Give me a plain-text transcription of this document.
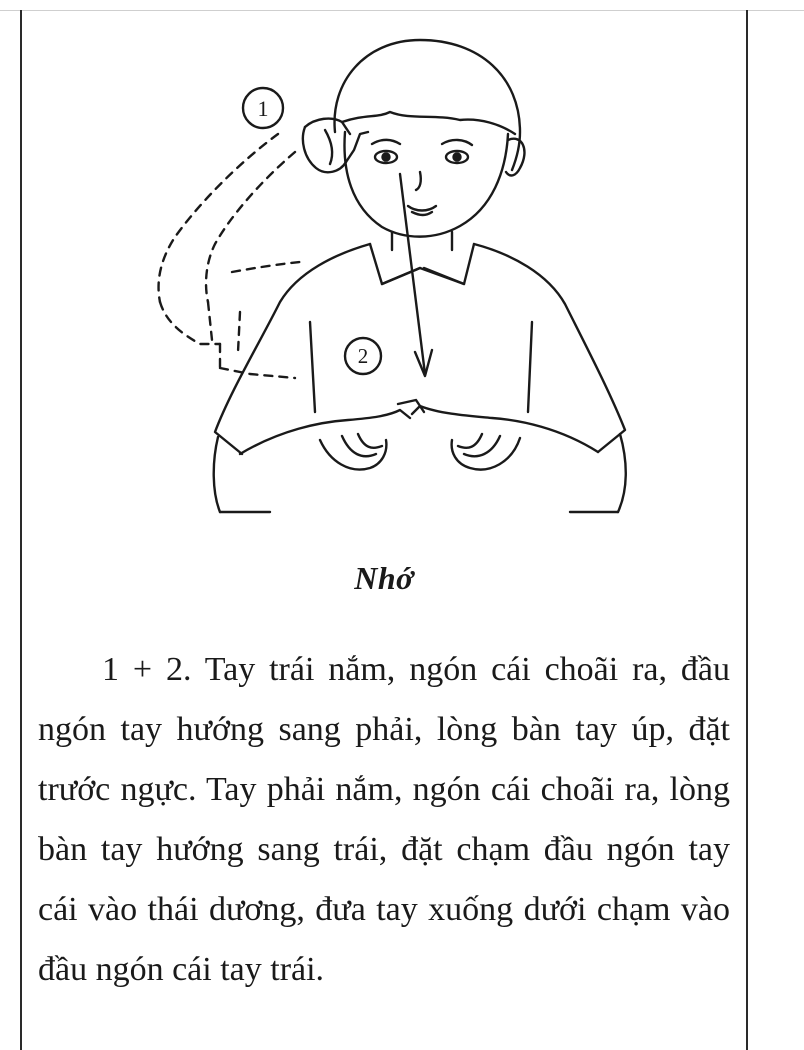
1
2
Nhớ
1 + 2. Tay trái nắm, ngón cái choãi ra, đầu ngón tay hướng sang phải, lòng bàn tay úp, đặt trước ngực. Tay phải nắm, ngón cái choãi ra, lòng bàn tay hướng sang trái, đặt chạm đầu ngón tay cái vào thái dương, đưa tay xuống dưới chạm vào đầu ngón cái tay trái.
